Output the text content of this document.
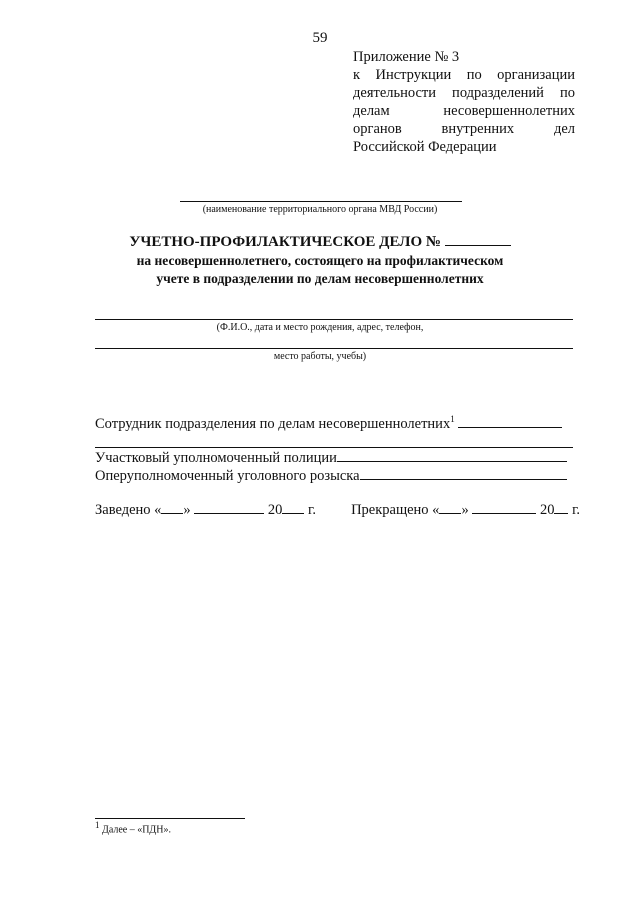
59
Приложение № 3
к Инструкции по организации
деятельности подразделений по
делам несовершеннолетних
органов внутренних дел
Российской Федерации
(наименование территориального органа МВД России)
УЧЕТНО-ПРОФИЛАКТИЧЕСКОЕ ДЕЛО №
на несовершеннолетнего, состоящего на профилактическом
учете в подразделении по делам несовершеннолетних
(Ф.И.О., дата и место рождения, адрес, телефон,
место работы, учебы)
Сотрудник подразделения по делам несовершеннолетних$^1$
Участковый уполномоченный полиции
Оперуполномоченный уголовного розыска
Заведено « »	20 г. Прекращено « »	20 г.
1 Далее – «ПДН».
